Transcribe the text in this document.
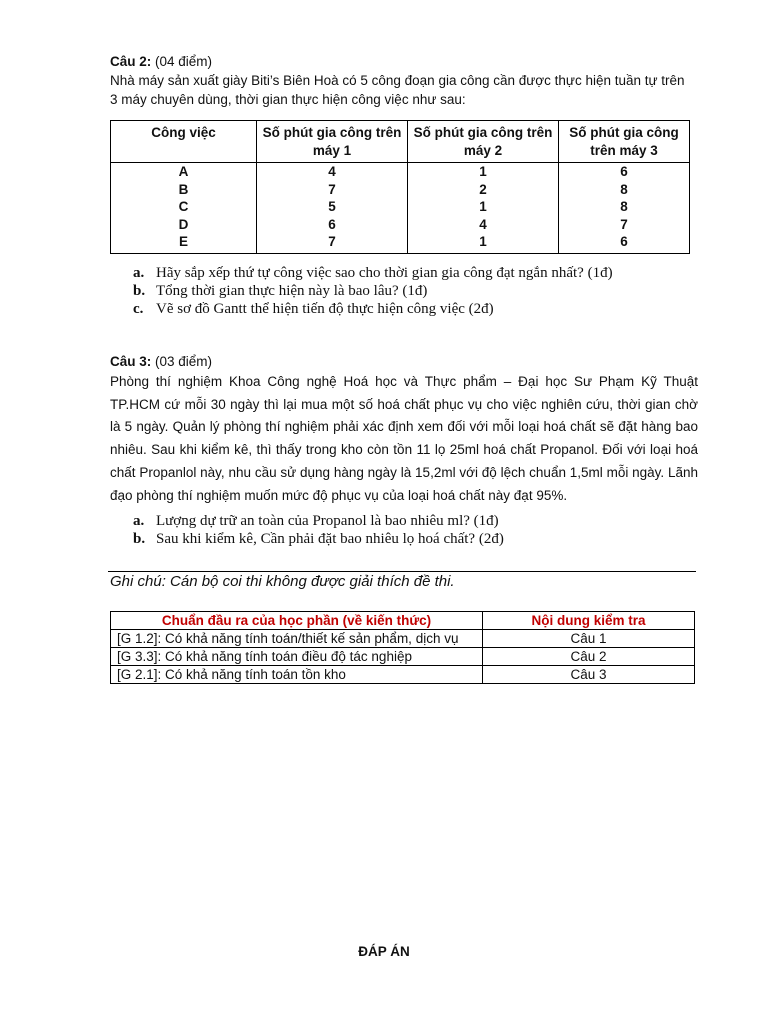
Câu 2: (04 điểm)

Nhà máy sản xuất giày Biti’s Biên Hoà có 5 công đoạn gia công cần được thực hiện tuần tự trên 3 máy chuyên dùng, thời gian thực hiện công việc như sau:

Công việc	Số phút gia công trên máy 1	Số phút gia công trên máy 2	Số phút gia công trên máy 3
A	4	1	6
B	7	2	8
C	5	1	8
D	6	4	7
E	7	1	6
a. Hãy sắp xếp thứ tự công việc sao cho thời gian gia công đạt ngắn nhất? (1đ)
b. Tổng thời gian thực hiện này là bao lâu? (1đ)
c. Vẽ sơ đồ Gantt thể hiện tiến độ thực hiện công việc (2đ)

Câu 3: (03 điểm)

Phòng thí nghiệm Khoa Công nghệ Hoá học và Thực phẩm – Đại học Sư Phạm Kỹ Thuật TP.HCM cứ mỗi 30 ngày thì lại mua một số hoá chất phục vụ cho việc nghiên cứu, thời gian chờ là 5 ngày. Quản lý phòng thí nghiệm phải xác định xem đối với mỗi loại hoá chất sẽ đặt hàng bao nhiêu. Sau khi kiểm kê, thì thấy trong kho còn tồn 11 lọ 25ml hoá chất Propanol. Đối với loại hoá chất Propanlol này, nhu cầu sử dụng hàng ngày là 15,2ml với độ lệch chuẩn 1,5ml mỗi ngày. Lãnh đạo phòng thí nghiệm muốn mức độ phục vụ của loại hoá chất này đạt 95%.

a. Lượng dự trữ an toàn của Propanol là bao nhiêu ml? (1đ)
b. Sau khi kiểm kê, Cần phải đặt bao nhiêu lọ hoá chất? (2đ)
Ghi chú: Cán bộ coi thi không được giải thích đề thi.
Chuẩn đầu ra của học phần (về kiến thức)	Nội dung kiểm tra
[G 1.2]: Có khả năng tính toán/thiết kế sản phẩm, dịch vụ	Câu 1
[G 3.3]: Có khả năng tính toán điều độ tác nghiệp	Câu 2
[G 2.1]: Có khả năng tính toán tồn kho	Câu 3
ĐÁP ÁN
